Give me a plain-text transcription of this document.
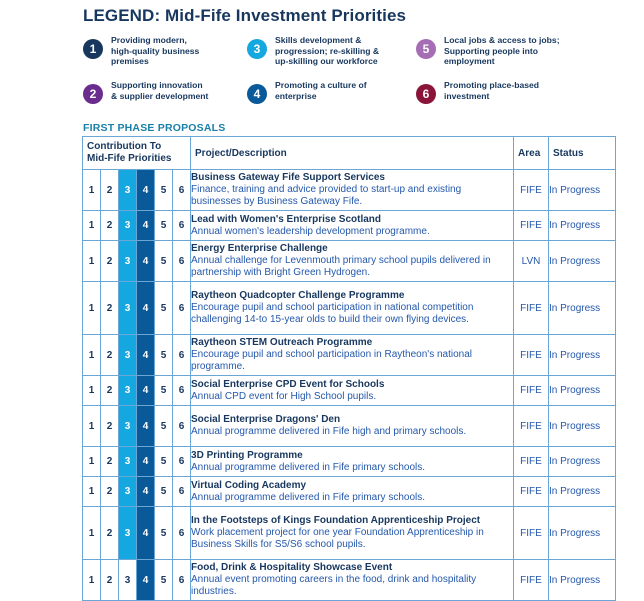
LEGEND: Mid-Fife Investment Priorities
1
Providing modern,
high-quality business
premises
2
Supporting innovation
& supplier development
3
Skills development &
progression; re-skilling &
up-skilling our workforce
4
Promoting a culture of
enterprise
5
Local jobs & access to jobs;
Supporting people into
employment
6
Promoting place-based
investment
FIRST PHASE PROPOSALS
Contribution To
Mid-Fife Priorities						Project/Description	Area	Status
1	2	3	4	5	6	Business Gateway Fife Support Services
Finance, training and advice provided to start-up and existing businesses by Business Gateway Fife.	FIFE	In Progress
1	2	3	4	5	6	Lead with Women's Enterprise Scotland
Annual women's leadership development programme.	FIFE	In Progress
1	2	3	4	5	6	Energy Enterprise Challenge
Annual challenge for Levenmouth primary school pupils delivered in partnership with Bright Green Hydrogen.	LVN	In Progress
1	2	3	4	5	6	Raytheon Quadcopter Challenge Programme
Encourage pupil and school participation in national competition challenging 14-to 15-year olds to build their own flying devices.	FIFE	In Progress
1	2	3	4	5	6	Raytheon STEM Outreach Programme
Encourage pupil and school participation in Raytheon's national programme.	FIFE	In Progress
1	2	3	4	5	6	Social Enterprise CPD Event for Schools
Annual CPD event for High School pupils.	FIFE	In Progress
1	2	3	4	5	6	Social Enterprise Dragons' Den
Annual programme delivered in Fife high and primary schools.	FIFE	In Progress
1	2	3	4	5	6	3D Printing Programme
Annual programme delivered in Fife primary schools.	FIFE	In Progress
1	2	3	4	5	6	Virtual Coding Academy
Annual programme delivered in Fife primary schools.	FIFE	In Progress
1	2	3	4	5	6	In the Footsteps of Kings Foundation Apprenticeship Project
Work placement project for one year Foundation Apprenticeship in Business Skills for S5/S6 school pupils.	FIFE	In Progress
1	2	3	4	5	6	Food, Drink & Hospitality Showcase Event
Annual event promoting careers in the food, drink and hospitality industries.	FIFE	In Progress
